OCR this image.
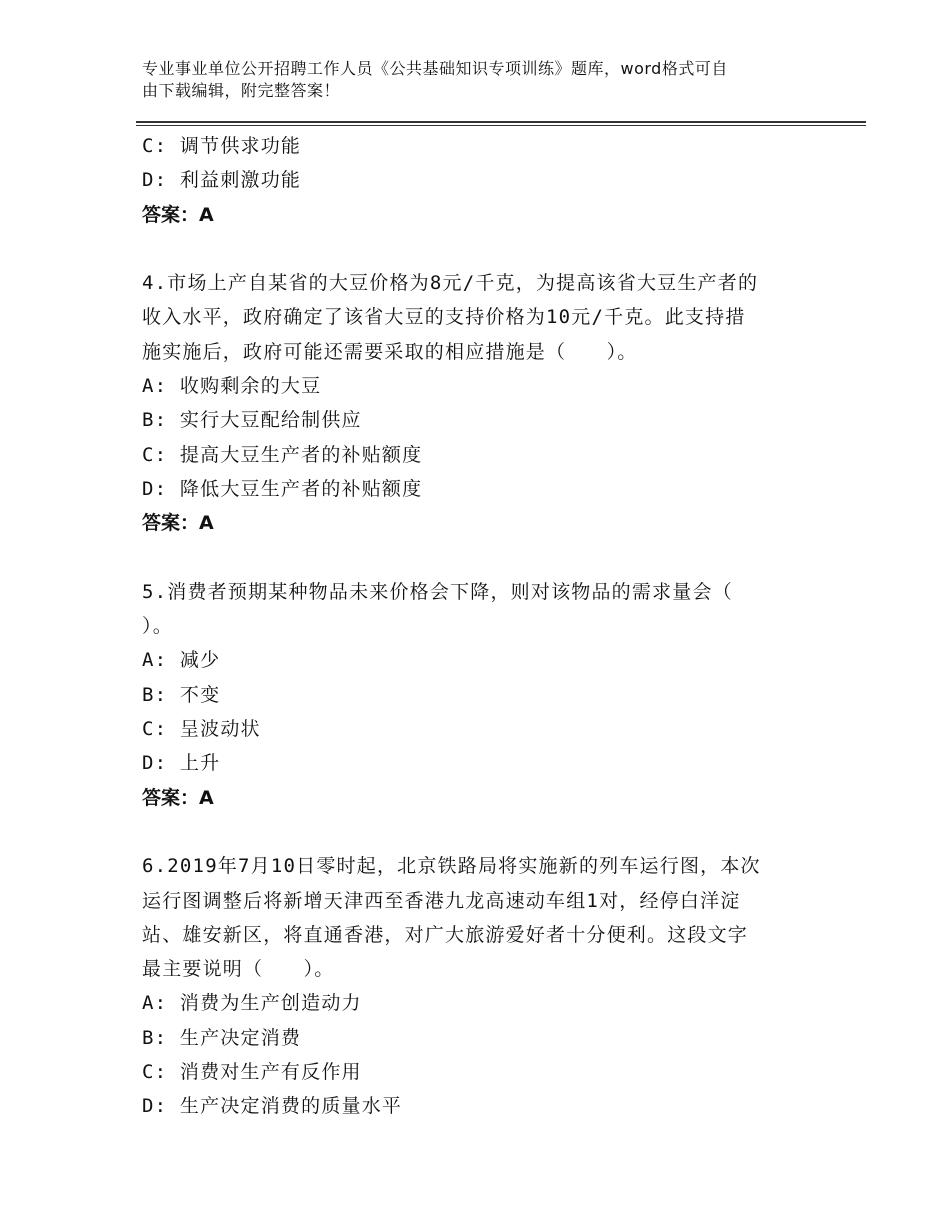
专业事业单位公开招聘工作人员《公共基础知识专项训练》题库，word格式可自
由下载编辑，附完整答案！
C: 调节供求功能
D: 利益刺激功能
答案：A
4.市场上产自某省的大豆价格为8元/千克，为提高该省大豆生产者的
收入水平，政府确定了该省大豆的支持价格为10元/千克。此支持措
施实施后，政府可能还需要采取的相应措施是（　　）。
A: 收购剩余的大豆
B: 实行大豆配给制供应
C: 提高大豆生产者的补贴额度
D: 降低大豆生产者的补贴额度
答案：A
5.消费者预期某种物品未来价格会下降，则对该物品的需求量会（
）。
A: 减少
B: 不变
C: 呈波动状
D: 上升
答案：A
6.2019年7月10日零时起，北京铁路局将实施新的列车运行图，本次
运行图调整后将新增天津西至香港九龙高速动车组1对，经停白洋淀
站、雄安新区，将直通香港，对广大旅游爱好者十分便利。这段文字
最主要说明（　　）。
A: 消费为生产创造动力
B: 生产决定消费
C: 消费对生产有反作用
D: 生产决定消费的质量水平
